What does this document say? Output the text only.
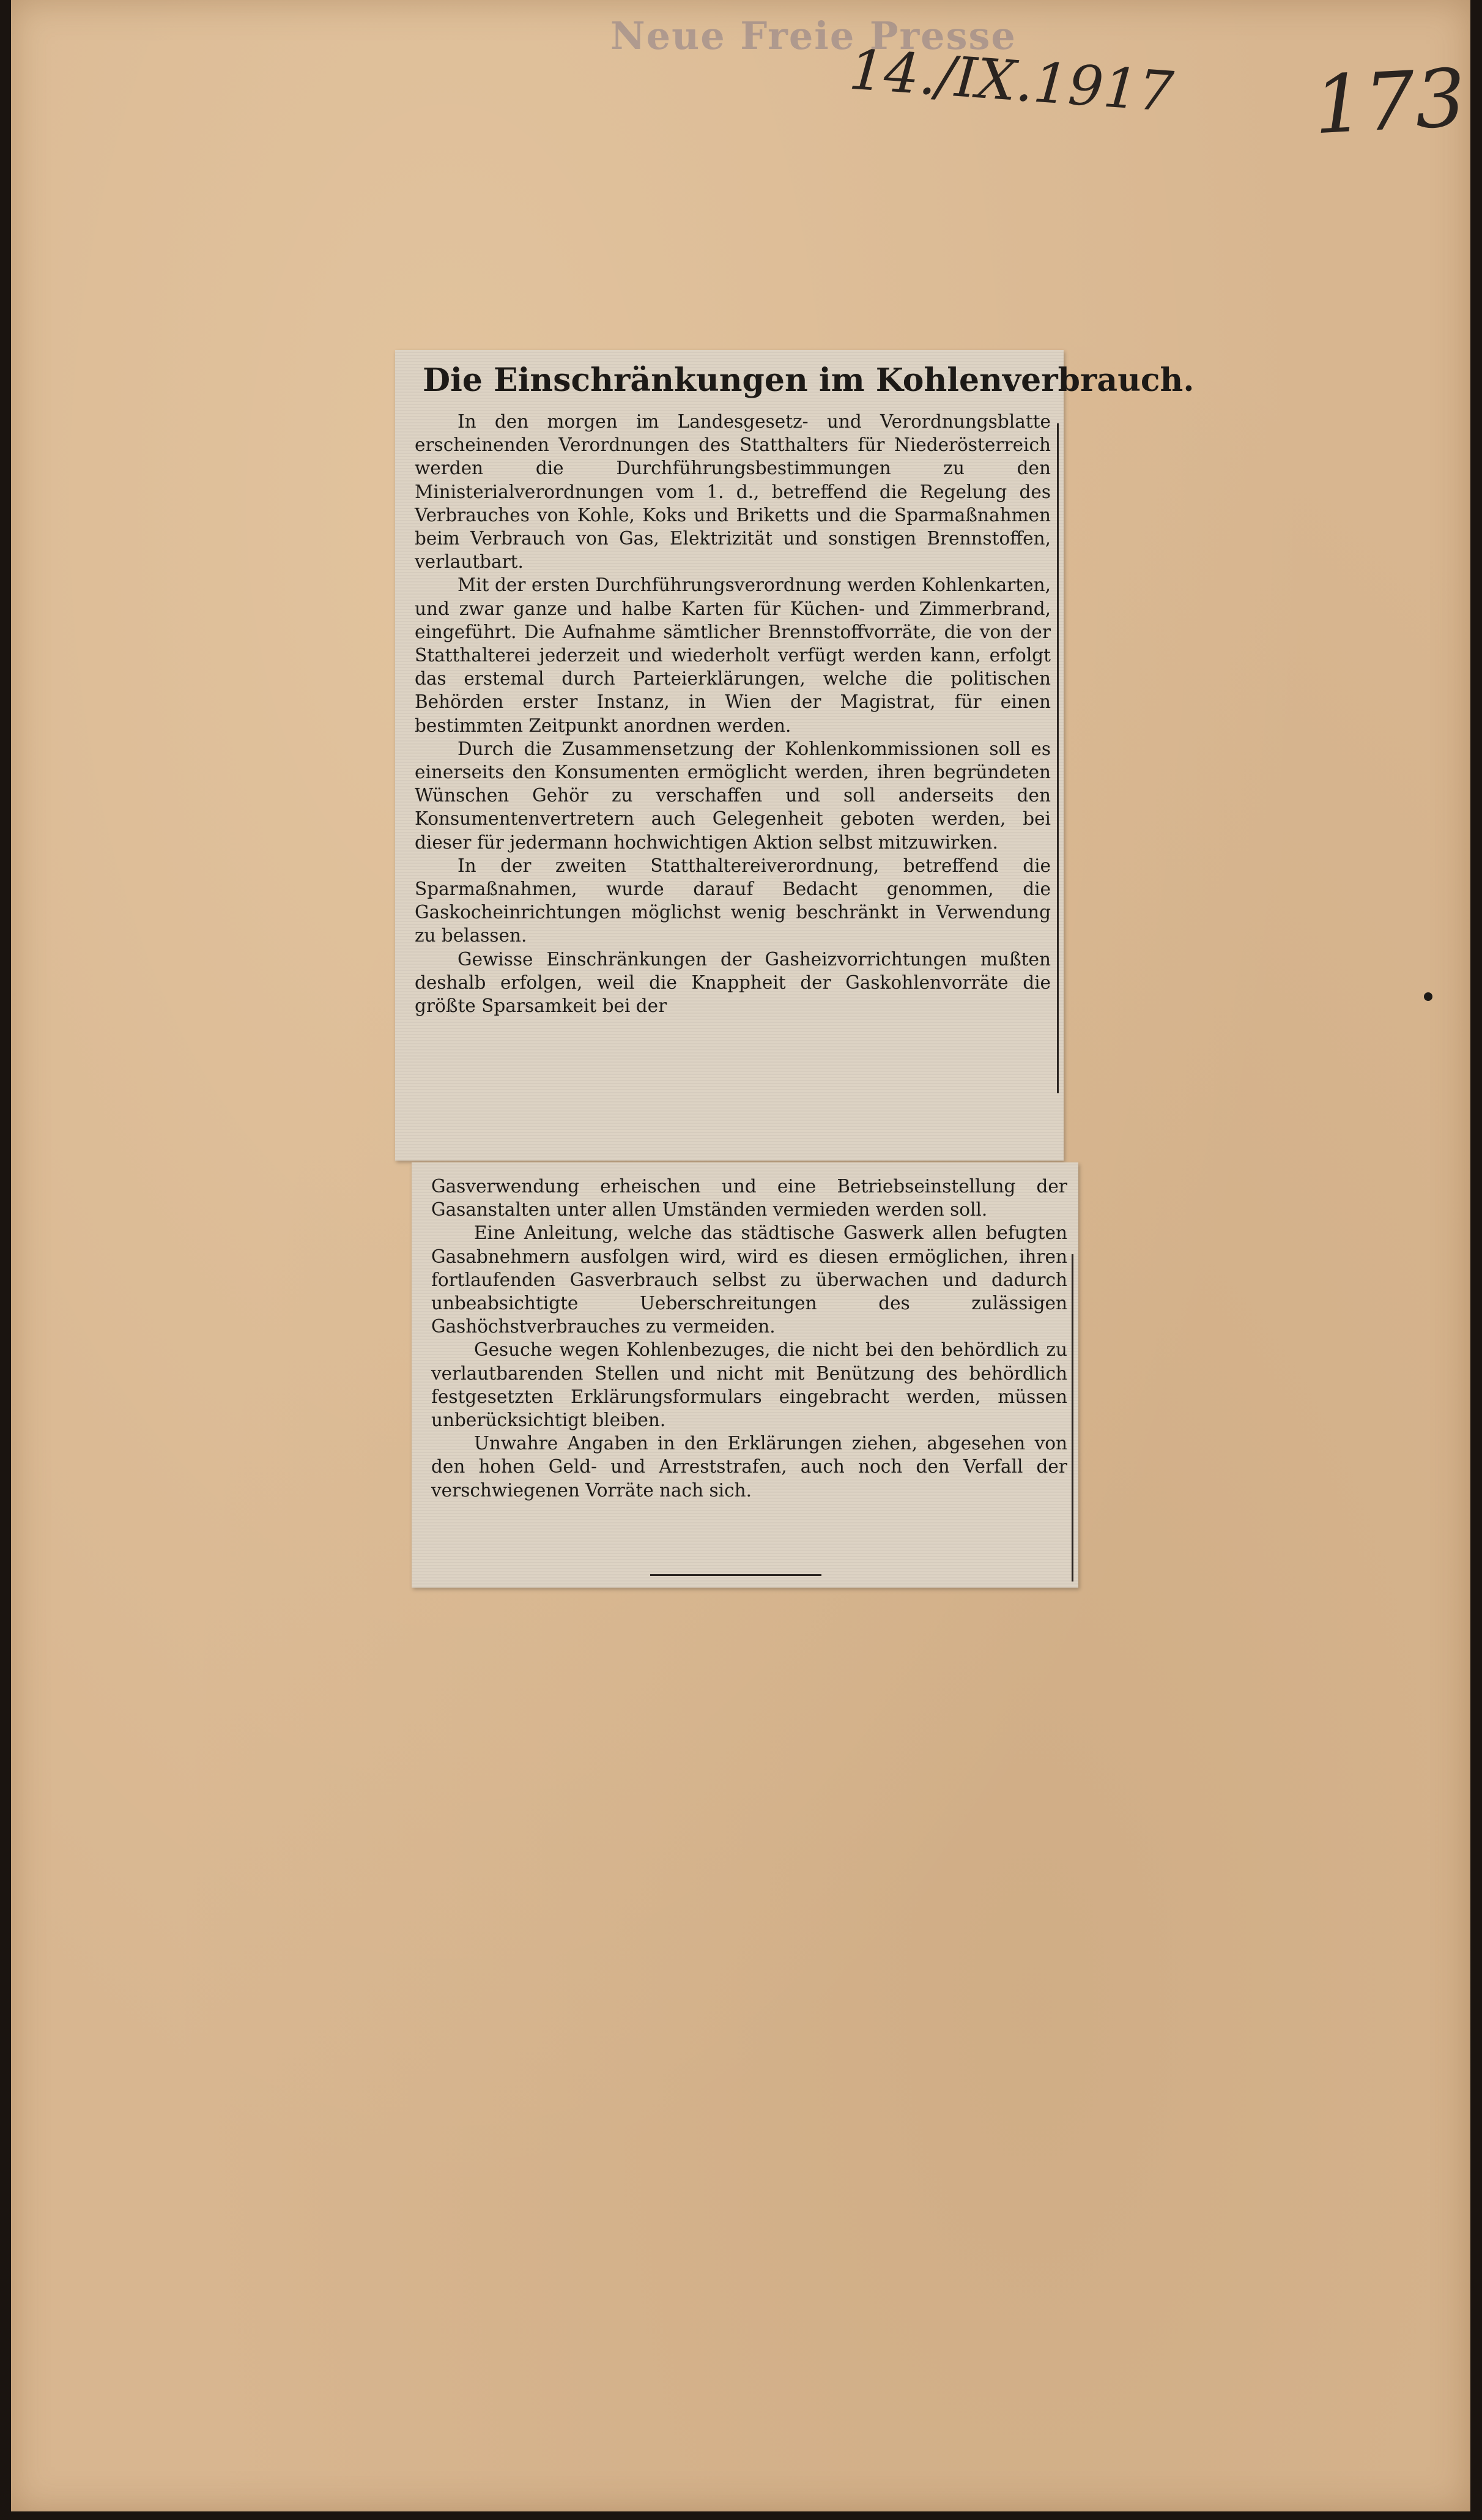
Neue Freie Presse
14./IX.1917 173
Die Einschränkungen im Kohlenverbrauch.

In den morgen im Landesgesetz- und Verordnungsblatte erscheinenden Verordnungen des Statthalters für Niederösterreich werden die Durchführungsbestimmungen zu den Ministerialverordnungen vom 1. d., betreffend die Regelung des Verbrauches von Kohle, Koks und Briketts und die Sparmaßnahmen beim Verbrauch von Gas, Elektrizität und sonstigen Brennstoffen, verlautbart.

Mit der ersten Durchführungsverordnung werden Kohlenkarten, und zwar ganze und halbe Karten für Küchen- und Zimmerbrand, eingeführt. Die Aufnahme sämtlicher Brennstoffvorräte, die von der Statthalterei jederzeit und wiederholt verfügt werden kann, erfolgt das erstemal durch Parteierklärungen, welche die politischen Behörden erster Instanz, in Wien der Magistrat, für einen bestimmten Zeitpunkt anordnen werden.

Durch die Zusammensetzung der Kohlenkommissionen soll es einerseits den Konsumenten ermöglicht werden, ihren begründeten Wünschen Gehör zu verschaffen und soll anderseits den Konsumentenvertretern auch Gelegenheit geboten werden, bei dieser für jedermann hochwichtigen Aktion selbst mitzuwirken.

In der zweiten Statthaltereiverordnung, betreffend die Sparmaßnahmen, wurde darauf Bedacht genommen, die Gaskocheinrichtungen möglichst wenig beschränkt in Verwendung zu belassen.

Gewisse Einschränkungen der Gasheizvorrichtungen mußten deshalb erfolgen, weil die Knappheit der Gaskohlenvorräte die größte Sparsamkeit bei der

Gasverwendung erheischen und eine Betriebseinstellung der Gasanstalten unter allen Umständen vermieden werden soll.

Eine Anleitung, welche das städtische Gaswerk allen befugten Gasabnehmern ausfolgen wird, wird es diesen ermöglichen, ihren fortlaufenden Gasverbrauch selbst zu überwachen und dadurch unbeabsichtigte Ueberschreitungen des zulässigen Gashöchstverbrauches zu vermeiden.

Gesuche wegen Kohlenbezuges, die nicht bei den behördlich zu verlautbarenden Stellen und nicht mit Benützung des behördlich festgesetzten Erklärungsformulars eingebracht werden, müssen unberücksichtigt bleiben.

Unwahre Angaben in den Erklärungen ziehen, abgesehen von den hohen Geld- und Arreststrafen, auch noch den Verfall der verschwiegenen Vorräte nach sich.
